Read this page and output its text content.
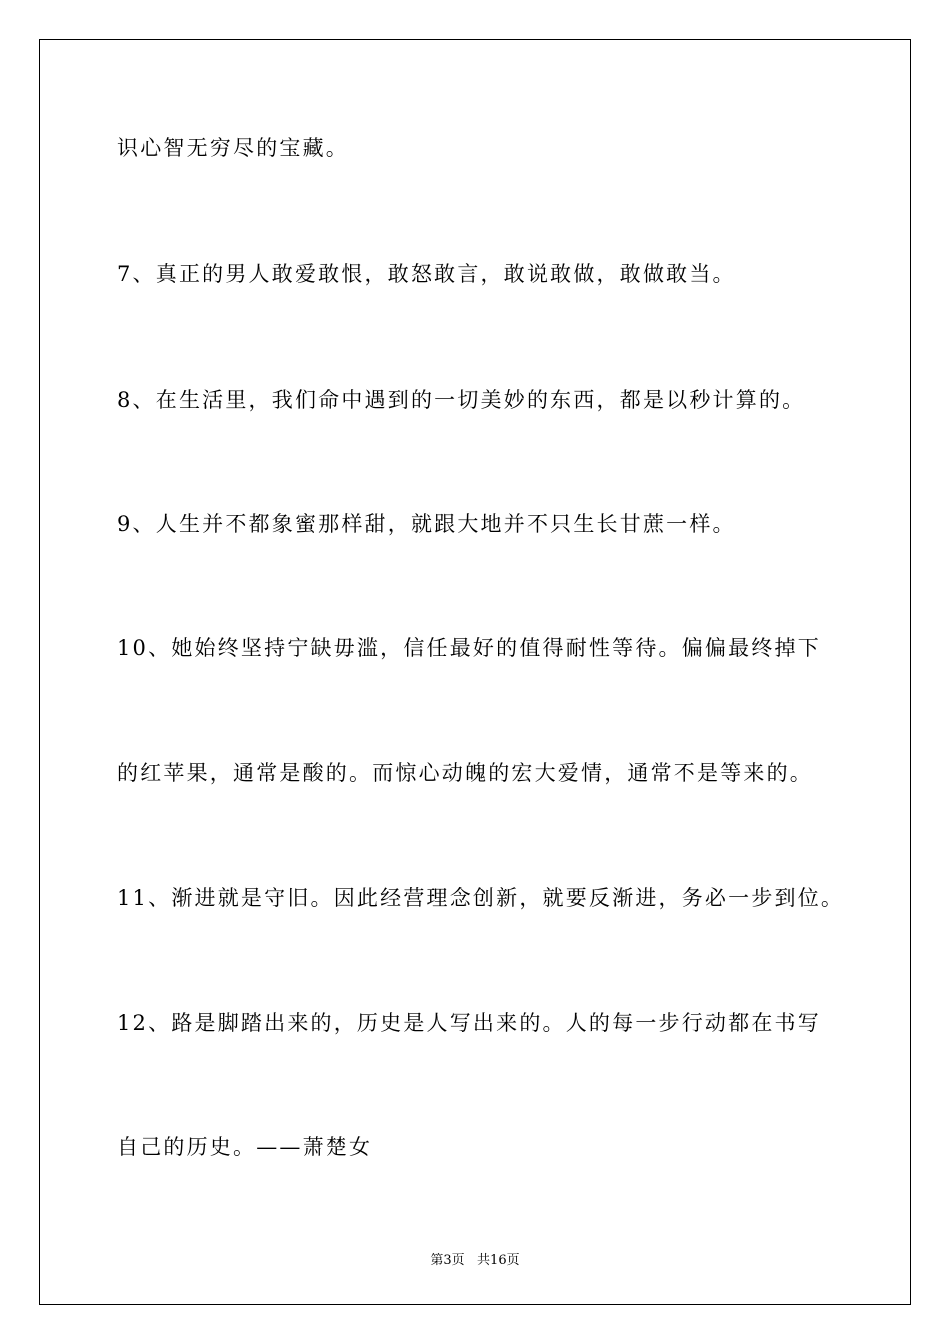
识心智无穷尽的宝藏。
7、真正的男人敢爱敢恨，敢怒敢言，敢说敢做，敢做敢当。
8、在生活里，我们命中遇到的一切美妙的东西，都是以秒计算的。
9、人生并不都象蜜那样甜，就跟大地并不只生长甘蔗一样。
10、她始终坚持宁缺毋滥，信任最好的值得耐性等待。偏偏最终掉下
的红苹果，通常是酸的。而惊心动魄的宏大爱情，通常不是等来的。
11、渐进就是守旧。因此经营理念创新，就要反渐进，务必一步到位。
12、路是脚踏出来的，历史是人写出来的。人的每一步行动都在书写
自己的历史。——萧楚女
第3页   共16页
